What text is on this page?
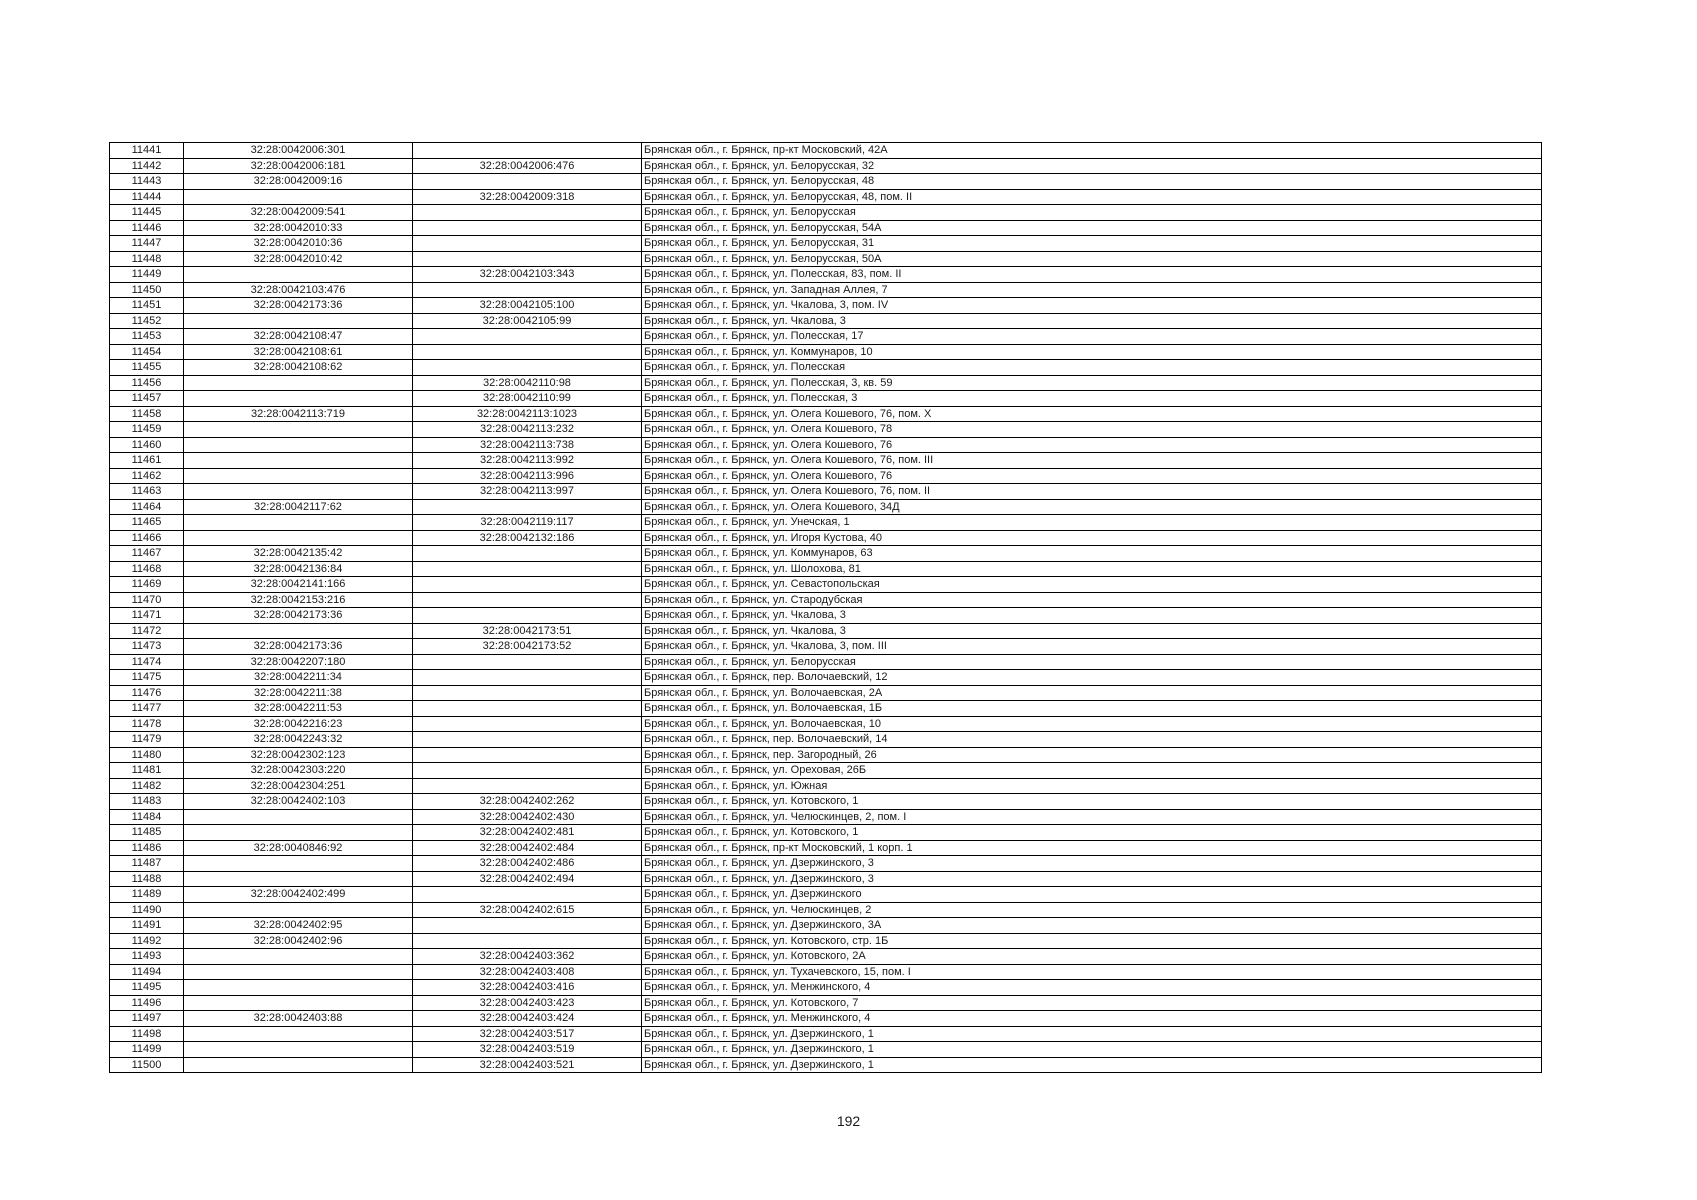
11441	32:28:0042006:301		Брянская обл., г. Брянск, пр-кт Московский, 42А
11442	32:28:0042006:181	32:28:0042006:476	Брянская обл., г. Брянск, ул. Белорусская, 32
11443	32:28:0042009:16		Брянская обл., г. Брянск, ул. Белорусская, 48
11444		32:28:0042009:318	Брянская обл., г. Брянск, ул. Белорусская, 48, пом. II
11445	32:28:0042009:541		Брянская обл., г. Брянск, ул. Белорусская
11446	32:28:0042010:33		Брянская обл., г. Брянск, ул. Белорусская, 54А
11447	32:28:0042010:36		Брянская обл., г. Брянск, ул. Белорусская, 31
11448	32:28:0042010:42		Брянская обл., г. Брянск, ул. Белорусская, 50А
11449		32:28:0042103:343	Брянская обл., г. Брянск, ул. Полесская, 83, пом. II
11450	32:28:0042103:476		Брянская обл., г. Брянск, ул. Западная Аллея, 7
11451	32:28:0042173:36	32:28:0042105:100	Брянская обл., г. Брянск, ул. Чкалова, 3, пом. IV
11452		32:28:0042105:99	Брянская обл., г. Брянск, ул. Чкалова, 3
11453	32:28:0042108:47		Брянская обл., г. Брянск, ул. Полесская, 17
11454	32:28:0042108:61		Брянская обл., г. Брянск, ул. Коммунаров, 10
11455	32:28:0042108:62		Брянская обл., г. Брянск, ул. Полесская
11456		32:28:0042110:98	Брянская обл., г. Брянск, ул. Полесская, 3, кв. 59
11457		32:28:0042110:99	Брянская обл., г. Брянск, ул. Полесская, 3
11458	32:28:0042113:719	32:28:0042113:1023	Брянская обл., г. Брянск, ул. Олега Кошевого, 76, пом. X
11459		32:28:0042113:232	Брянская обл., г. Брянск, ул. Олега Кошевого, 78
11460		32:28:0042113:738	Брянская обл., г. Брянск, ул. Олега Кошевого, 76
11461		32:28:0042113:992	Брянская обл., г. Брянск, ул. Олега Кошевого, 76, пом. III
11462		32:28:0042113:996	Брянская обл., г. Брянск, ул. Олега Кошевого, 76
11463		32:28:0042113:997	Брянская обл., г. Брянск, ул. Олега Кошевого, 76, пом. II
11464	32:28:0042117:62		Брянская обл., г. Брянск, ул. Олега Кошевого, 34Д
11465		32:28:0042119:117	Брянская обл., г. Брянск, ул. Унечская, 1
11466		32:28:0042132:186	Брянская обл., г. Брянск, ул. Игоря Кустова, 40
11467	32:28:0042135:42		Брянская обл., г. Брянск, ул. Коммунаров, 63
11468	32:28:0042136:84		Брянская обл., г. Брянск, ул. Шолохова, 81
11469	32:28:0042141:166		Брянская обл., г. Брянск, ул. Севастопольская
11470	32:28:0042153:216		Брянская обл., г. Брянск, ул. Стародубская
11471	32:28:0042173:36		Брянская обл., г. Брянск, ул. Чкалова, 3
11472		32:28:0042173:51	Брянская обл., г. Брянск, ул. Чкалова, 3
11473	32:28:0042173:36	32:28:0042173:52	Брянская обл., г. Брянск, ул. Чкалова, 3, пом. III
11474	32:28:0042207:180		Брянская обл., г. Брянск, ул. Белорусская
11475	32:28:0042211:34		Брянская обл., г. Брянск, пер. Волочаевский, 12
11476	32:28:0042211:38		Брянская обл., г. Брянск, ул. Волочаевская, 2А
11477	32:28:0042211:53		Брянская обл., г. Брянск, ул. Волочаевская, 1Б
11478	32:28:0042216:23		Брянская обл., г. Брянск, ул. Волочаевская, 10
11479	32:28:0042243:32		Брянская обл., г. Брянск, пер. Волочаевский, 14
11480	32:28:0042302:123		Брянская обл., г. Брянск, пер. Загородный, 26
11481	32:28:0042303:220		Брянская обл., г. Брянск, ул. Ореховая, 26Б
11482	32:28:0042304:251		Брянская обл., г. Брянск, ул. Южная
11483	32:28:0042402:103	32:28:0042402:262	Брянская обл., г. Брянск, ул. Котовского, 1
11484		32:28:0042402:430	Брянская обл., г. Брянск, ул. Челюскинцев, 2, пом. I
11485		32:28:0042402:481	Брянская обл., г. Брянск, ул. Котовского, 1
11486	32:28:0040846:92	32:28:0042402:484	Брянская обл., г. Брянск, пр-кт Московский, 1 корп. 1
11487		32:28:0042402:486	Брянская обл., г. Брянск, ул. Дзержинского, 3
11488		32:28:0042402:494	Брянская обл., г. Брянск, ул. Дзержинского, 3
11489	32:28:0042402:499		Брянская обл., г. Брянск, ул. Дзержинского
11490		32:28:0042402:615	Брянская обл., г. Брянск, ул. Челюскинцев, 2
11491	32:28:0042402:95		Брянская обл., г. Брянск, ул. Дзержинского, 3А
11492	32:28:0042402:96		Брянская обл., г. Брянск, ул. Котовского, стр. 1Б
11493		32:28:0042403:362	Брянская обл., г. Брянск, ул. Котовского, 2А
11494		32:28:0042403:408	Брянская обл., г. Брянск, ул. Тухачевского, 15, пом. I
11495		32:28:0042403:416	Брянская обл., г. Брянск, ул. Менжинского, 4
11496		32:28:0042403:423	Брянская обл., г. Брянск, ул. Котовского, 7
11497	32:28:0042403:88	32:28:0042403:424	Брянская обл., г. Брянск, ул. Менжинского, 4
11498		32:28:0042403:517	Брянская обл., г. Брянск, ул. Дзержинского, 1
11499		32:28:0042403:519	Брянская обл., г. Брянск, ул. Дзержинского, 1
11500		32:28:0042403:521	Брянская обл., г. Брянск, ул. Дзержинского, 1
192
